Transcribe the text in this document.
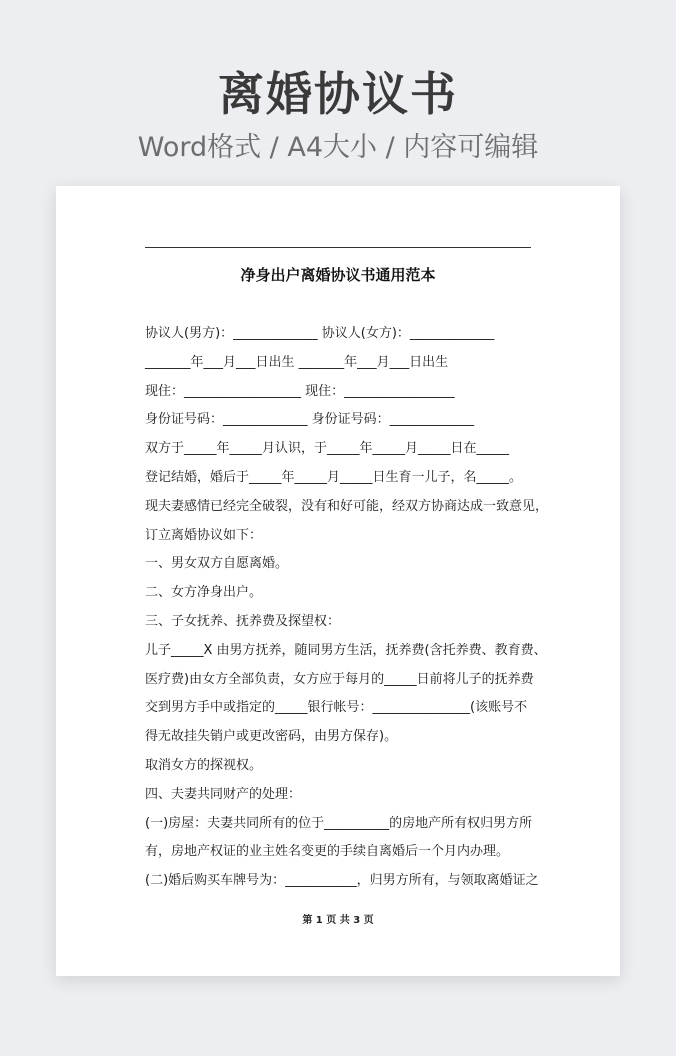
离婚协议书
Word格式 / A4大小 / 内容可编辑
净身出户离婚协议书通用范本
协议人(男方)：_____________ 协议人(女方)：_____________
_______年___月___日出生 _______年___月___日出生
现住：__________________ 现住：_________________
身份证号码：_____________ 身份证号码：_____________
双方于_____年_____月认识，于_____年_____月_____日在_____
登记结婚，婚后于_____年_____月_____日生育一儿子，名_____。
现夫妻感情已经完全破裂，没有和好可能，经双方协商达成一致意见，
订立离婚协议如下：
一、男女双方自愿离婚。
二、女方净身出户。
三、子女抚养、抚养费及探望权：
儿子_____X 由男方抚养，随同男方生活，抚养费(含托养费、教育费、
医疗费)由女方全部负责，女方应于每月的_____日前将儿子的抚养费
交到男方手中或指定的_____银行帐号：_______________(该账号不
得无故挂失销户或更改密码，由男方保存)。
取消女方的探视权。
四、夫妻共同财产的处理：
(一)房屋：夫妻共同所有的位于__________的房地产所有权归男方所
有，房地产权证的业主姓名变更的手续自离婚后一个月内办理。
(二)婚后购买车牌号为：___________，归男方所有，与领取离婚证之
第 1 页 共 3 页
